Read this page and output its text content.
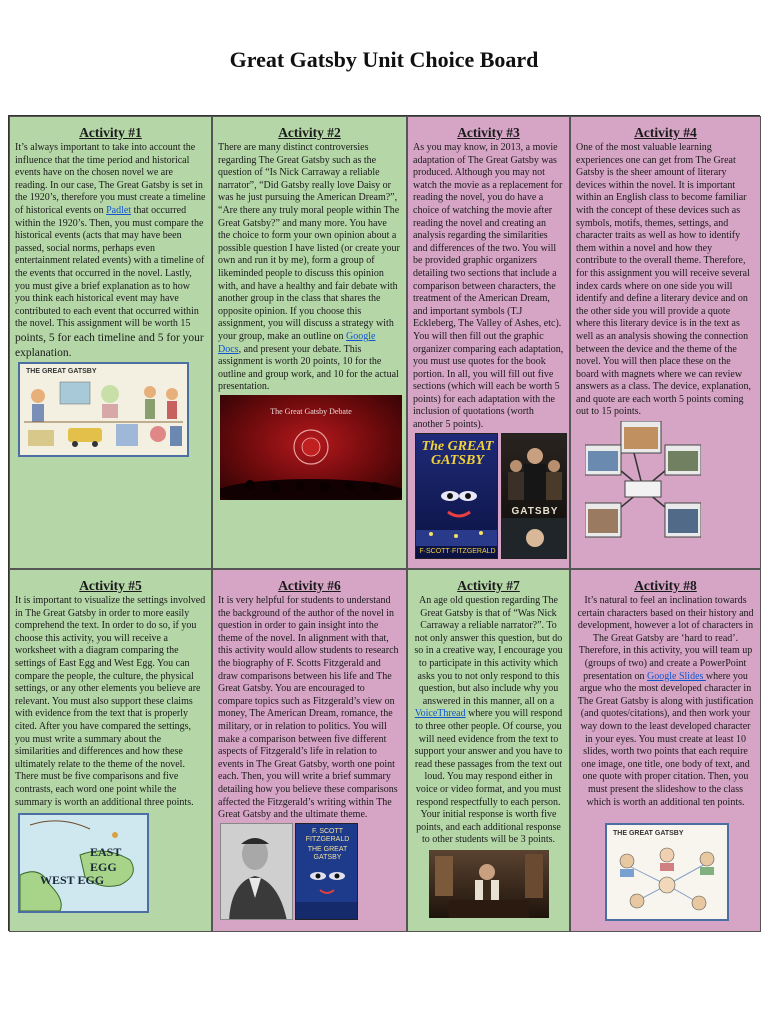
Great Gatsby Unit Choice Board
Activity #1
It’s always important to take into account the influence that the time period and historical events have on the chosen novel we are reading. In our case, The Great Gatsby is set in the 1920’s, therefore you must create a timeline of historical events on Padlet that occurred within the 1920’s. Then, you must compare the historical events (acts that may have been passed, social norms, perhaps even entertainment related events) with a timeline of the events that occurred in the novel. Lastly, you must give a brief explanation as to how you think each historical event may have contributed to each event that occurred within the novel. This assignment will be worth 15 points, 5 for each timeline and 5 for your explanation.
THE GREAT GATSBY
Activity #2
There are many distinct controversies regarding The Great Gatsby such as the question of “Is Nick Carraway a reliable narrator”, “Did Gatsby really love Daisy or was he just pursuing the American Dream?”, “Are there any truly moral people within The Great Gatsby?” and many more. You have the choice to form your own opinion about a possible question I have listed (or create your own and run it by me), form a group of likeminded people to discuss this opinion with, and have a healthy and fair debate with another group in the class that shares the opposite opinion. If you choose this assignment, you will discuss a strategy with your group, make an outline on Google Docs, and present your debate. This assignment is worth 20 points, 10 for the outline and group work, and 10 for the actual presentation.
The Great Gatsby Debate
Activity #3
As you may know, in 2013, a movie adaptation of The Great Gatsby was produced. Although you may not watch the movie as a replacement for reading the novel, you do have a choice of watching the movie after reading the novel and creating an analysis regarding the similarities and differences of the two. You will be provided graphic organizers detailing two sections that include a comparison between characters, the treatment of the American Dream, and important symbols (T.J Eckleberg, The Valley of Ashes, etc). You will then fill out the graphic organizer comparing each adaptation, you must use quotes for the book portion. In all, you will fill out five sections (which will each be worth 5 points) for each adaptation with the inclusion of quotations (worth another 5 points).
The GREAT GATSBY
F·SCOTT·FITZGERALD
GATSBY
Activity #4
One of the most valuable learning experiences one can get from The Great Gatsby is the sheer amount of literary devices within the novel. It is important within an English class to become familiar with the concept of these devices such as symbols, motifs, themes, settings, and character traits as well as how to identify them within a novel and how they contribute to the overall theme. Therefore, for this assignment you will receive several index cards where on one side you will identify and define a literary device and on the other side you will provide a quote where this literary device is in the text as well as an analysis showing the connection between the device and the theme of the novel. You will then place these on the board with magnets where we can review answers as a class. The device, explanation, and quote are each worth 5 points coming out to 15 points.
Activity #5
It is important to visualize the settings involved in The Great Gatsby in order to more easily comprehend the text. In order to do so, if you choose this activity, you will receive a worksheet with a diagram comparing the settings of East Egg and West Egg. You can compare the people, the culture, the physical settings, or any other elements you believe are relevant. You must also support these claims with evidence from the text that is properly cited. After you have compared the settings, you must write a summary about the similarities and differences and how these ultimately relate to the theme of the novel. There must be five comparisons and five contrasts, each word one point while the summary is worth an additional three points.
EAST EGG
WEST EGG
Activity #6
It is very helpful for students to understand the background of the author of the novel in question in order to gain insight into the theme of the novel. In alignment with that, this activity would allow students to research the biography of F. Scotts Fitzgerald and draw comparisons between his life and The Great Gatsby. You are encouraged to compare topics such as Fitzgerald’s view on money, The American Dream, romance, the military, or in relation to politics. You will make a comparison between five different aspects of Fitzgerald’s life in relation to events in The Great Gatsby, worth one point each. Then, you will write a brief summary detailing how you believe these comparisons affected the Fitzgerald’s writing within The Great Gatsby and the ultimate theme.
F. SCOTT FITZGERALD
THE GREAT GATSBY
Activity #7
An age old question regarding The Great Gatsby is that of “Was Nick Carraway a reliable narrator?”. To not only answer this question, but do so in a creative way, I encourage you to participate in this activity which asks you to not only respond to this question, but also include why you answered in this manner, all on a VoiceThread where you will respond to three other people. Of course, you will need evidence from the text to support your answer and you have to read these passages from the text out loud. You may respond either in voice or video format, and you must respond respectfully to each person. Your initial response is worth five points, and each additional response to other students will be 3 points.
Activity #8
It’s natural to feel an inclination towards certain characters based on their history and development, however a lot of characters in The Great Gatsby are ‘hard to read’. Therefore, in this activity, you will team up (groups of two) and create a PowerPoint presentation on Google Slides where you argue who the most developed character in The Great Gatsby is along with justification (and quotes/citations), and then work your way down to the least developed character in your eyes. You must create at least 10 slides, worth two points that each require one image, one title, one body of text, and one quote with proper citation. Then, you must present the slideshow to the class which is worth an additional ten points.
THE GREAT GATSBY
